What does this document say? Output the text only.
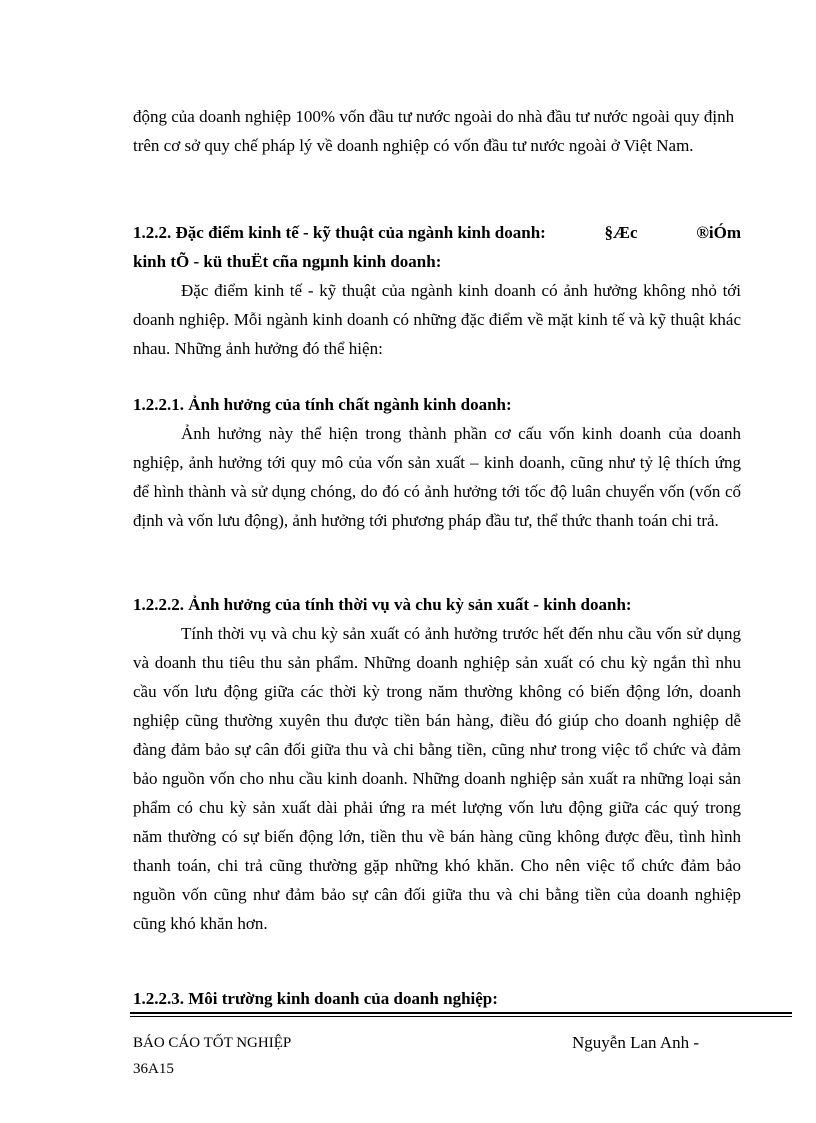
động của doanh nghiệp 100% vốn đầu tư nước ngoài do nhà đầu tư nước ngoài quy định trên cơ sở quy chế pháp lý về doanh nghiệp có vốn đầu tư nước ngoài ở Việt Nam.

1.2.2. Đặc điểm kinh tế - kỹ thuật của ngành kinh doanh:	§Æc	®iÓm
kinh tÕ - kü thuËt cña ngµnh kinh doanh:

Đặc điểm kinh tế - kỹ thuật của ngành kinh doanh có ảnh hưởng không nhỏ tới doanh nghiệp. Mỗi ngành kinh doanh có những đặc điểm về mặt kinh tế và kỹ thuật khác nhau. Những ảnh hưởng đó thể hiện:

1.2.2.1. Ảnh hưởng của tính chất ngành kinh doanh:

Ảnh hưởng này thể hiện trong thành phần cơ cấu vốn kinh doanh của doanh nghiệp, ảnh hưởng tới quy mô của vốn sản xuất – kinh doanh, cũng như tỷ lệ thích ứng để hình thành và sử dụng chóng, do đó có ảnh hưởng tới tốc độ luân chuyển vốn (vốn cố định và vốn lưu động), ảnh hưởng tới phương pháp đầu tư, thể thức thanh toán chi trả.

1.2.2.2. Ảnh hưởng của tính thời vụ và chu kỳ sản xuất - kinh doanh:

Tính thời vụ và chu kỳ sản xuất có ảnh hưởng trước hết đến nhu cầu vốn sử dụng và doanh thu tiêu thu sản phẩm. Những doanh nghiệp sản xuất có chu kỳ ngắn thì nhu cầu vốn lưu động giữa các thời kỳ trong năm thường không có biến động lớn, doanh nghiệp cũng thường xuyên thu được tiền bán hàng, điều đó giúp cho doanh nghiệp dễ đàng đảm bảo sự cân đối giữa thu và chi bằng tiền, cũng như trong việc tổ chức và đảm bảo nguồn vốn cho nhu cầu kinh doanh. Những doanh nghiệp sản xuất ra những loại sản phẩm có chu kỳ sản xuất dài phải ứng ra mét lượng vốn lưu động giữa các quý trong năm thường có sự biến động lớn, tiền thu về bán hàng cũng không được đều, tình hình thanh toán, chi trả cũng thường gặp những khó khăn. Cho nên việc tổ chức đảm bảo nguồn vốn cũng như đảm bảo sự cân đối giữa thu và chi bằng tiền của doanh nghiệp cũng khó khăn hơn.

1.2.2.3. Môi trường kinh doanh của doanh nghiệp:
BÁO CÁO TỐT NGHIỆP
36A15
Nguyễn Lan Anh -
